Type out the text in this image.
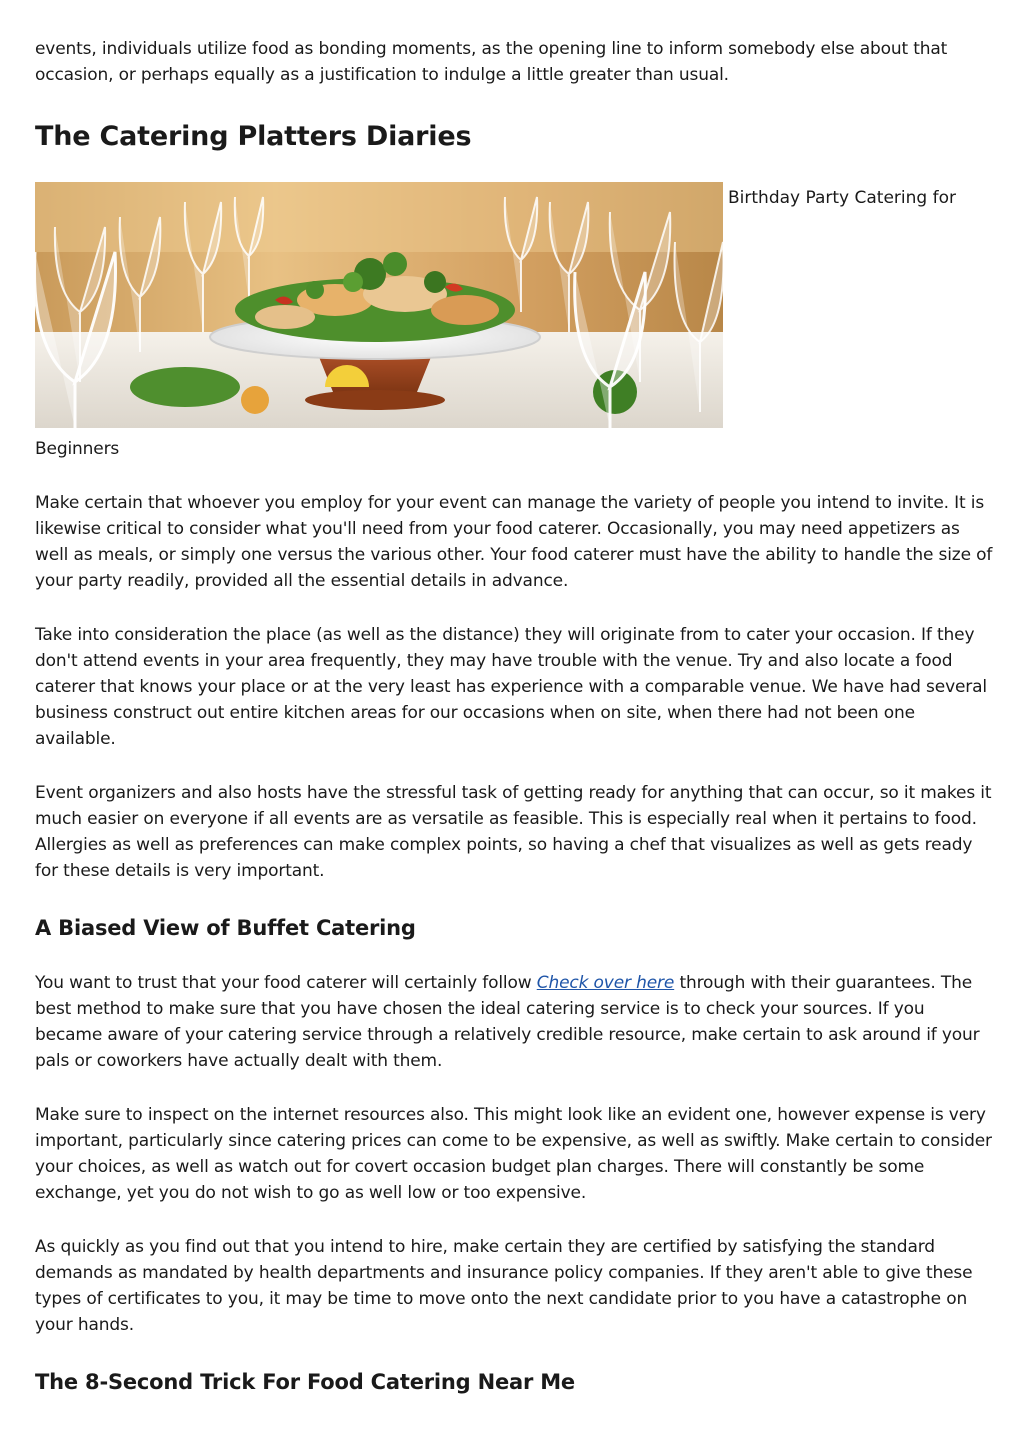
events, individuals utilize food as bonding moments, as the opening line to inform somebody else about that occasion, or perhaps equally as a justification to indulge a little greater than usual.

The Catering Platters Diaries
Birthday Party Catering for

Beginners

Make certain that whoever you employ for your event can manage the variety of people you intend to invite. It is likewise critical to consider what you'll need from your food caterer. Occasionally, you may need appetizers as well as meals, or simply one versus the various other. Your food caterer must have the ability to handle the size of your party readily, provided all the essential details in advance.

Take into consideration the place (as well as the distance) they will originate from to cater your occasion. If they don't attend events in your area frequently, they may have trouble with the venue. Try and also locate a food caterer that knows your place or at the very least has experience with a comparable venue. We have had several business construct out entire kitchen areas for our occasions when on site, when there had not been one available.

Event organizers and also hosts have the stressful task of getting ready for anything that can occur, so it makes it much easier on everyone if all events are as versatile as feasible. This is especially real when it pertains to food. Allergies as well as preferences can make complex points, so having a chef that visualizes as well as gets ready for these details is very important.

A Biased View of Buffet Catering

You want to trust that your food caterer will certainly follow Check over here through with their guarantees. The best method to make sure that you have chosen the ideal catering service is to check your sources. If you became aware of your catering service through a relatively credible resource, make certain to ask around if your pals or coworkers have actually dealt with them.

Make sure to inspect on the internet resources also. This might look like an evident one, however expense is very important, particularly since catering prices can come to be expensive, as well as swiftly. Make certain to consider your choices, as well as watch out for covert occasion budget plan charges. There will constantly be some exchange, yet you do not wish to go as well low or too expensive.

As quickly as you find out that you intend to hire, make certain they are certified by satisfying the standard demands as mandated by health departments and insurance policy companies. If they aren't able to give these types of certificates to you, it may be time to move onto the next candidate prior to you have a catastrophe on your hands.

The 8-Second Trick For Food Catering Near Me
